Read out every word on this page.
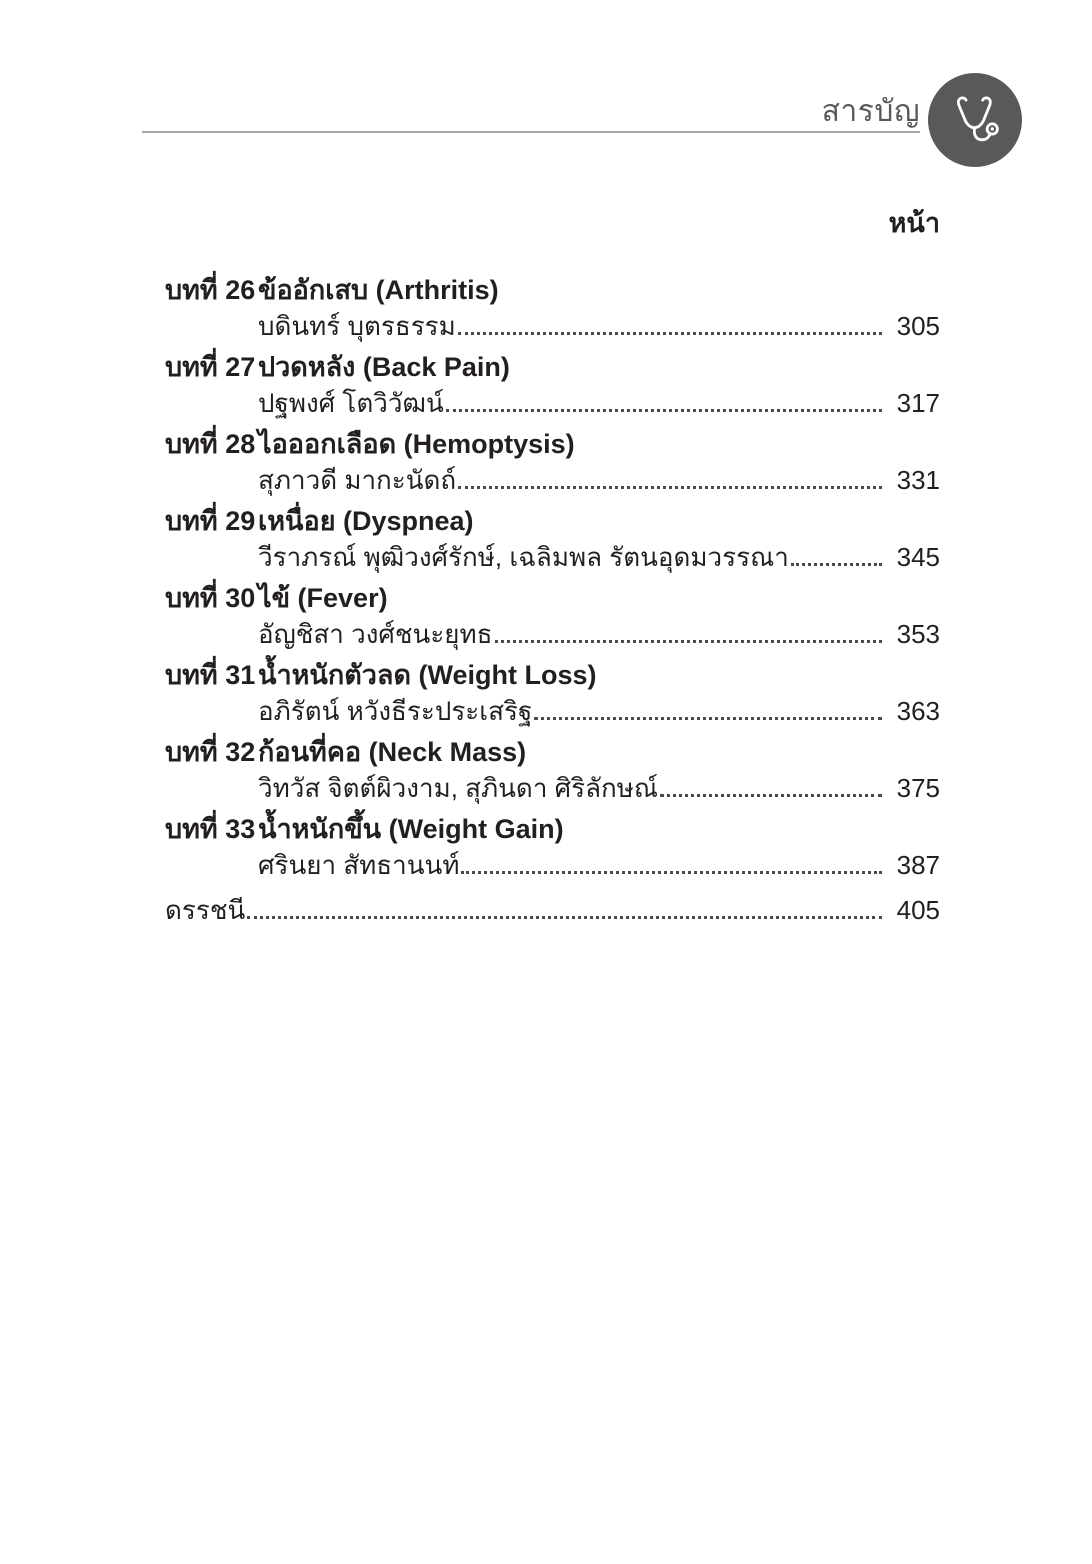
สารบัญ
หน้า
บทที่ 26 ข้ออักเสบ (Arthritis)
บดินทร์ บุตรธรรม	305
บทที่ 27 ปวดหลัง (Back Pain)
ปฐพงศ์ โตวิวัฒน์	317
บทที่ 28 ไอออกเลือด (Hemoptysis)
สุภาวดี มากะนัดถ์	331
บทที่ 29 เหนื่อย (Dyspnea)
วีราภรณ์ พุฒิวงศ์รักษ์, เฉลิมพล รัตนอุดมวรรณา	345
บทที่ 30 ไข้ (Fever)
อัญชิสา วงศ์ชนะยุทธ	353
บทที่ 31 น้ำหนักตัวลด (Weight Loss)
อภิรัตน์ หวังธีระประเสริฐ	363
บทที่ 32 ก้อนที่คอ (Neck Mass)
วิทวัส จิตต์ผิวงาม, สุภินดา ศิริลักษณ์	375
บทที่ 33 น้ำหนักขึ้น (Weight Gain)
ศรินยา สัทธานนท์	387
ดรรชนี	405
